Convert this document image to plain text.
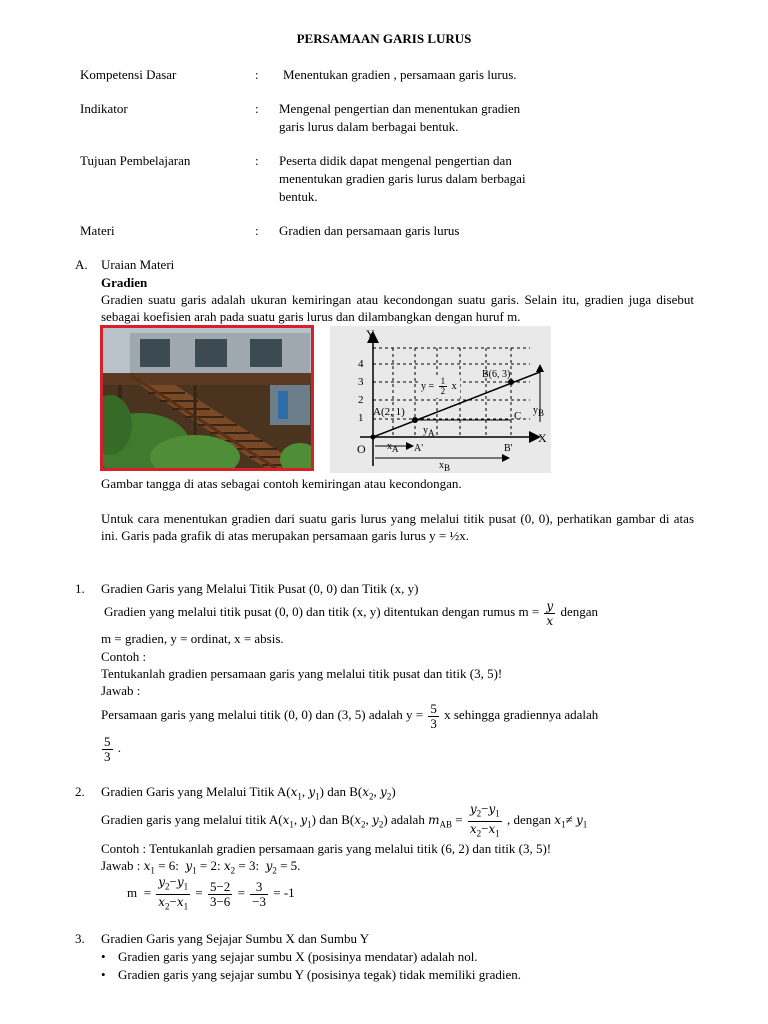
PERSAMAAN GARIS LURUS
Kompetensi Dasar	: Menentukan gradien , persamaan garis lurus.
Indikator	: Mengenal pengertian dan menentukan gradien
garis lurus dalam berbagai bentuk.
Tujuan Pembelajaran	: Peserta didik dapat mengenal pengertian dan
menentukan gradien garis lurus dalam berbagai
bentuk.
Materi	: Gradien dan persamaan garis lurus
A. Uraian Materi
Gradien
Gradien suatu garis adalah ukuran kemiringan atau kecondongan suatu garis. Selain itu, gradien juga disebut sebagai koefisien arah pada suatu garis lurus dan dilambangkan dengan huruf m.
Y
X
O
1
2
3
4
A(2, 1)
B(6, 3)
C
$y = \frac{1}{2}$ x
$y_A$
$y_B$
$x_A$ A'	B'
$x_B$
Gambar tangga di atas sebagai contoh kemiringan atau kecondongan.
Untuk cara menentukan gradien dari suatu garis lurus yang melalui titik pusat (0, 0), perhatikan gambar di atas ini. Garis pada grafik di atas merupakan persamaan garis lurus y = ½x.
1. Gradien Garis yang Melalui Titik Pusat (0, 0) dan Titik (x, y)
Gradien yang melalui titik pusat (0, 0) dan titik (x, y) ditentukan dengan rumus $m = \frac{y}{x}$ dengan
m = gradien, y = ordinat, x = absis.
Contoh :
Tentukanlah gradien persamaan garis yang melalui titik pusat dan titik (3, 5)!
Jawab :
Persamaan garis yang melalui titik (0, 0) dan (3, 5) adalah $y = \frac{5}{3}$ x sehingga gradiennya adalah
$\frac{5}{3}$ .
2. Gradien Garis yang Melalui Titik $A(x_1$, $y_1$) dan $B(x_2$, $y_2$)
Gradien garis yang melalui titik $A(x_1$, $y_1$) dan $B(x_2$, $y_2$) adalah $m_{AB} = \frac{y_2-y_1}{x_2-x_1}$ , dengan $x_1\ne y_1$
Contoh : Tentukanlah gradien persamaan garis yang melalui titik (6, 2) dan titik (3, 5)!
Jawab : $x_1 = 6$: $y_1 = 2$: $x_2 = 3$: $y_2 = 5$.
$m = \frac{y_2-y_1}{x_2-x_1} = \frac{5-2}{3-6} = \frac{3}{-3} = -1$
3. Gradien Garis yang Sejajar Sumbu X dan Sumbu Y
• Gradien garis yang sejajar sumbu X (posisinya mendatar) adalah nol.
• Gradien garis yang sejajar sumbu Y (posisinya tegak) tidak memiliki gradien.
